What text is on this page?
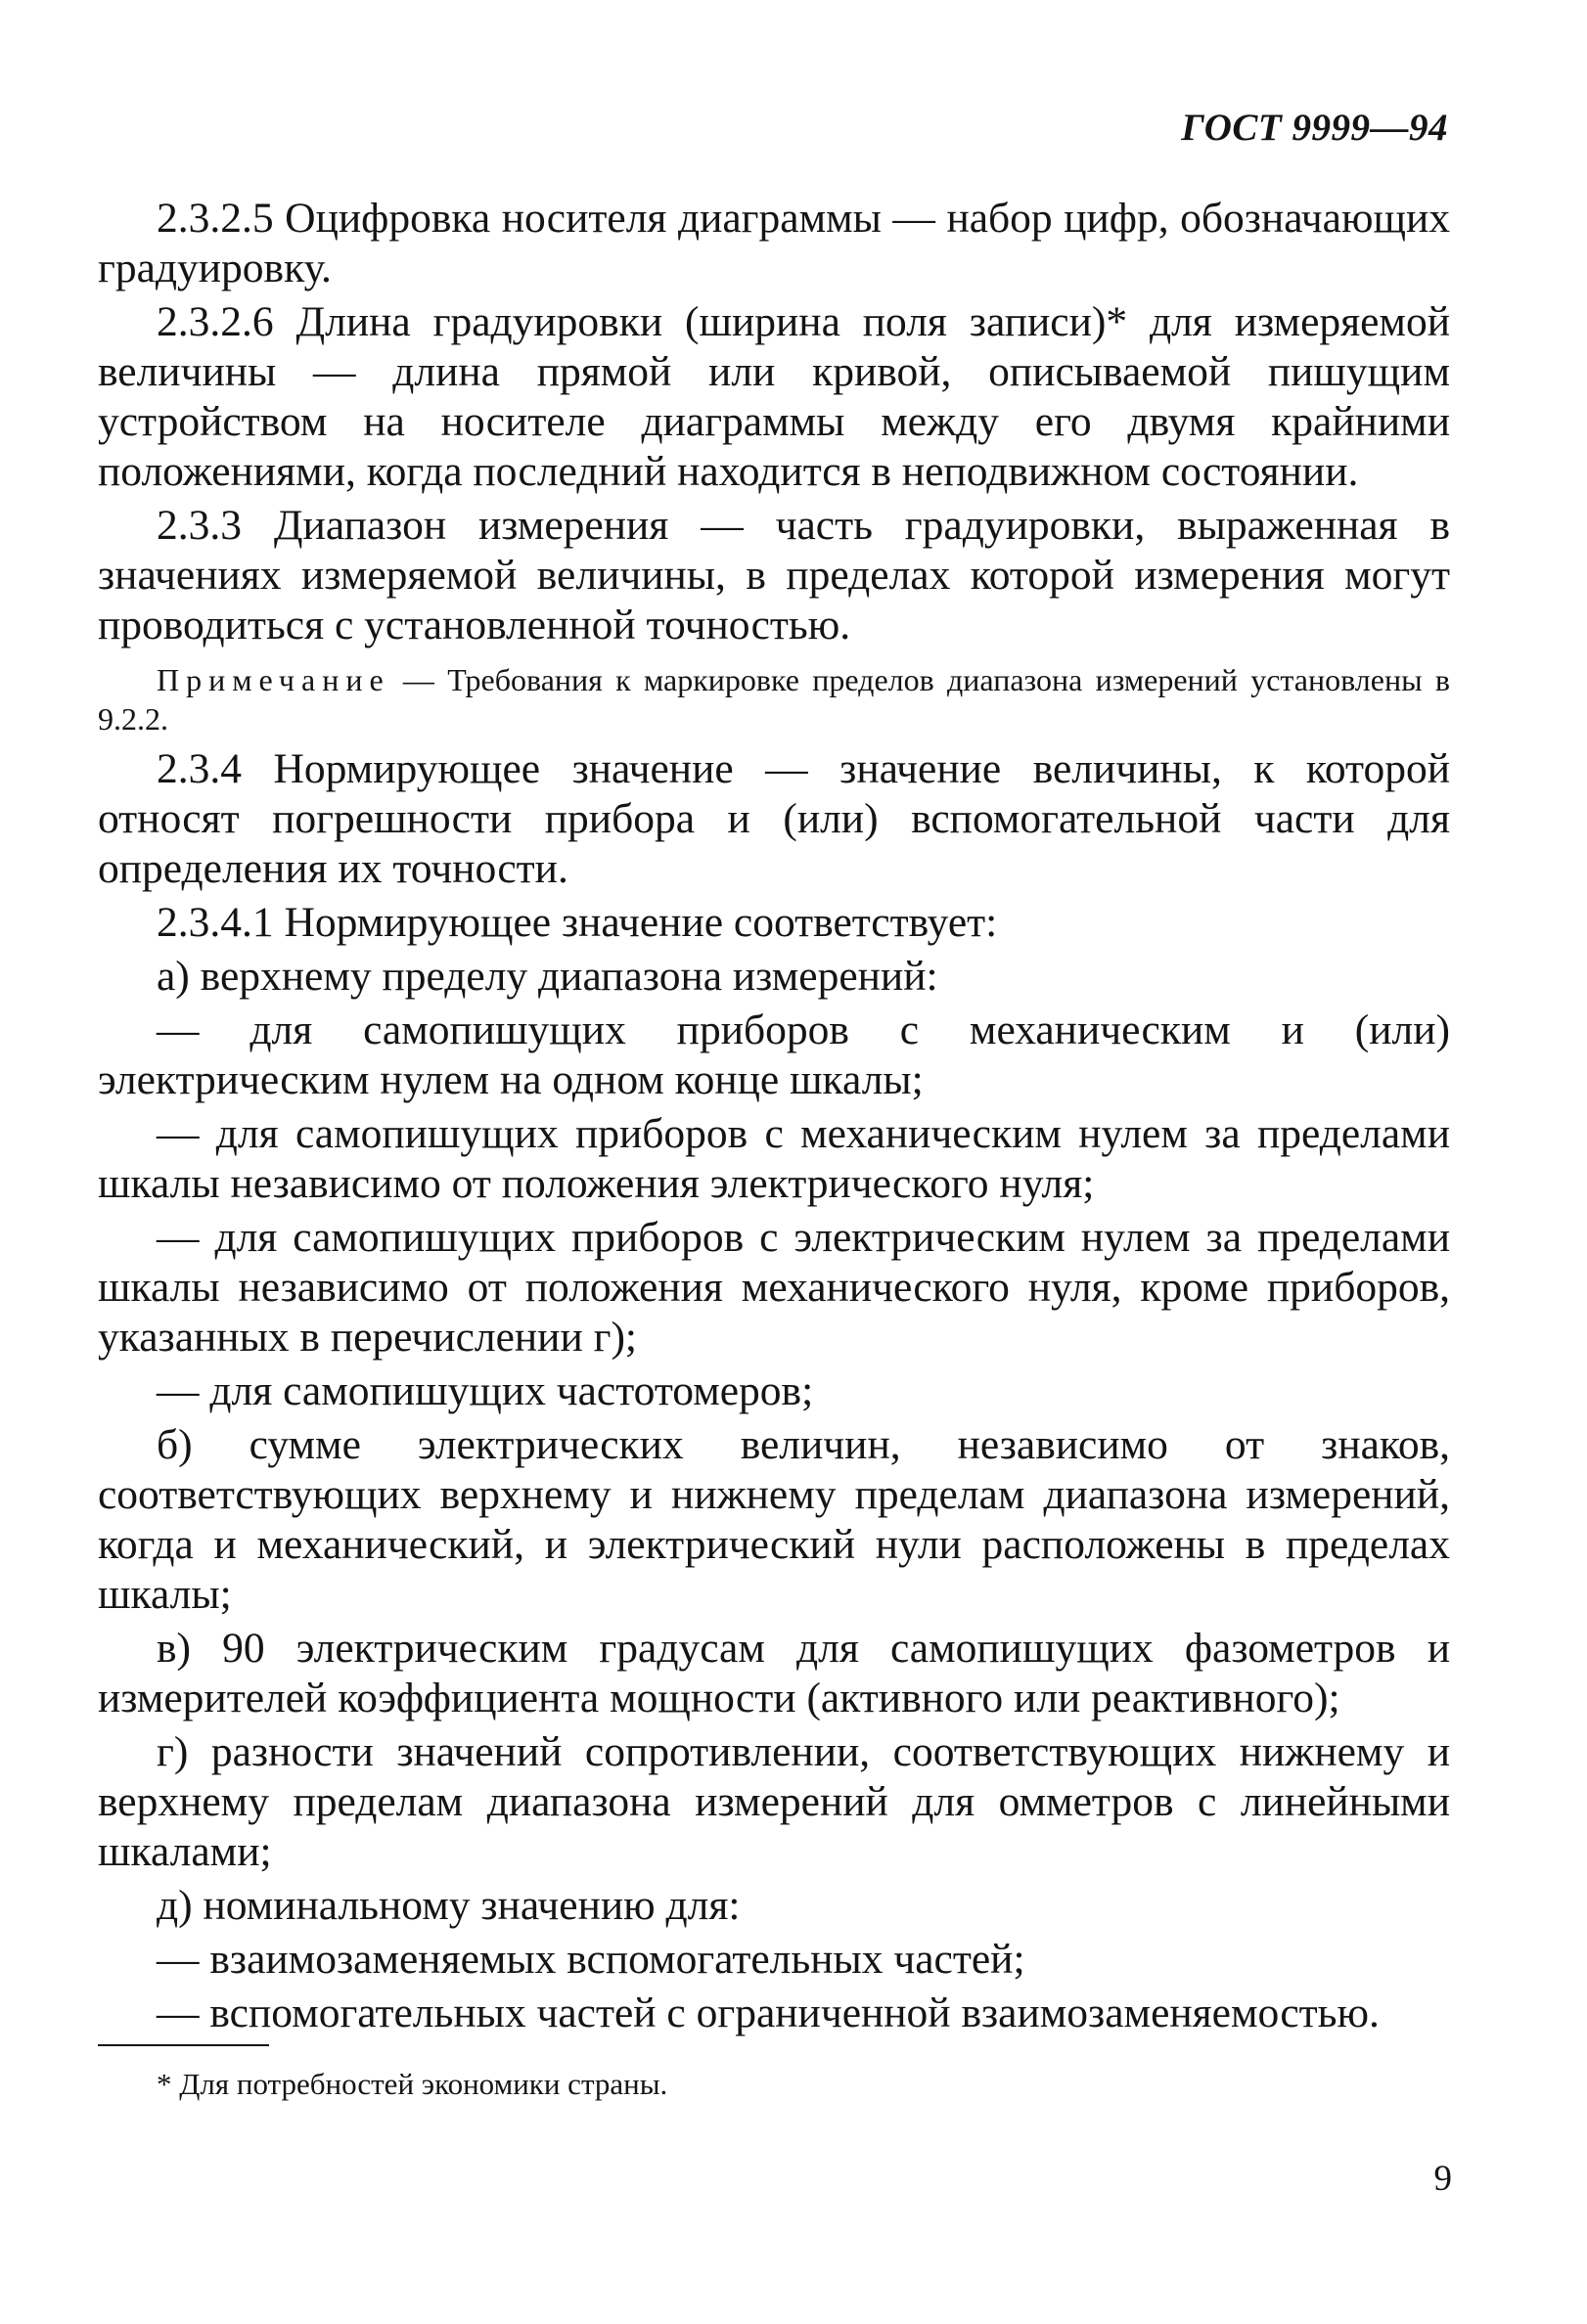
ГОСТ 9999—94

2.3.2.5 Оцифровка носителя диаграммы — набор цифр, обозначающих градуировку.

2.3.2.6 Длина градуировки (ширина поля записи)* для измеряемой величины — длина прямой или кривой, описываемой пишущим устройством на носителе диаграммы между его двумя крайними положениями, когда последний находится в неподвижном состоянии.

2.3.3 Диапазон измерения — часть градуировки, выраженная в значениях измеряемой величины, в пределах которой измерения могут проводиться с установленной точностью.

Примечание — Требования к маркировке пределов диапазона измерений установлены в 9.2.2.

2.3.4 Нормирующее значение — значение величины, к которой относят погрешности прибора и (или) вспомогательной части для определения их точности.

2.3.4.1 Нормирующее значение соответствует:

а) верхнему пределу диапазона измерений:

— для самопишущих приборов с механическим и (или) электрическим нулем на одном конце шкалы;

— для самопишущих приборов с механическим нулем за пределами шкалы независимо от положения электрического нуля;

— для самопишущих приборов с электрическим нулем за пределами шкалы независимо от положения механического нуля, кроме приборов, указанных в перечислении г);

— для самопишущих частотомеров;

б) сумме электрических величин, независимо от знаков, соответствующих верхнему и нижнему пределам диапазона измерений, когда и механический, и электрический нули расположены в пределах шкалы;

в) 90 электрическим градусам для самопишущих фазометров и измерителей коэффициента мощности (активного или реактивного);

г) разности значений сопротивлении, соответствующих нижнему и верхнему пределам диапазона измерений для омметров с линейными шкалами;

д) номинальному значению для:

— взаимозаменяемых вспомогательных частей;

— вспомогательных частей с ограниченной взаимозаменяемостью.

* Для потребностей экономики страны.
9
